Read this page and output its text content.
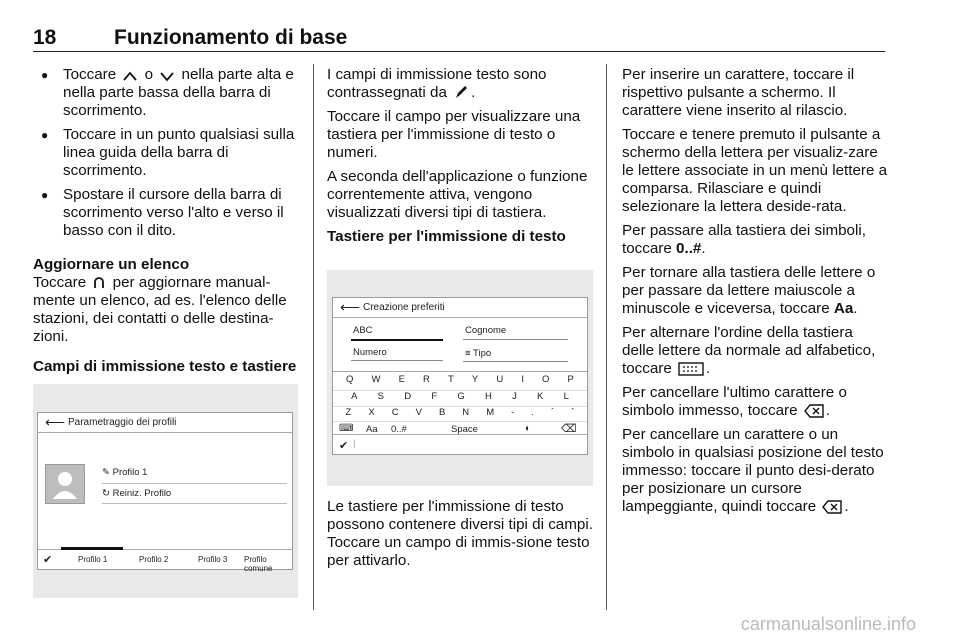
18	Funzionamento di base
● Toccare  o  nella parte alta e nella parte bassa della barra di scorrimento.
● Toccare in un punto qualsiasi sulla linea guida della barra di scorrimento.
● Spostare il cursore della barra di scorrimento verso l'alto e verso il basso con il dito.

Aggiornare un elenco

Toccare  per aggiornare manual-mente un elenco, ad es. l'elenco delle stazioni, dei contatti o delle destina-zioni.

Campi di immissione testo e tastiere

⟵ Parametraggio dei profili
✎ Profilo 1
↻ Reiniz. Profilo
✔	Profilo 1	Profilo 2	Profilo 3 Profilo comune

I campi di immissione testo sono contrassegnati da .

Toccare il campo per visualizzare una tastiera per l'immissione di testo o numeri.

A seconda dell'applicazione o funzione correntemente attiva, vengono visualizzati diversi tipi di tastiera.

Tastiere per l'immissione di testo

⟵ Creazione preferiti
ABC	Cognome
Numero	≡ Tipo
Q W E R T Y U I O P
A S D F G H J K L
Z X C V B N M - . ´ `
⌨ Aa 0..#	Space	◐	⌫
✔ |

Le tastiere per l'immissione di testo possono contenere diversi tipi di campi. Toccare un campo di immis-sione testo per attivarlo.

Per inserire un carattere, toccare il rispettivo pulsante a schermo. Il carattere viene inserito al rilascio.

Toccare e tenere premuto il pulsante a schermo della lettera per visualiz-zare le lettere associate in un menù lettere a comparsa. Rilasciare e quindi selezionare la lettera deside-rata.

Per passare alla tastiera dei simboli, toccare 0..#.

Per tornare alla tastiera delle lettere o per passare da lettere maiuscole a minuscole e viceversa, toccare Aa.

Per alternare l'ordine della tastiera delle lettere da normale ad alfabetico, toccare .

Per cancellare l'ultimo carattere o simbolo immesso, toccare .

Per cancellare un carattere o un simbolo in qualsiasi posizione del testo immesso: toccare il punto desi-derato per posizionare un cursore lampeggiante, quindi toccare .

carmanualsonline.info
